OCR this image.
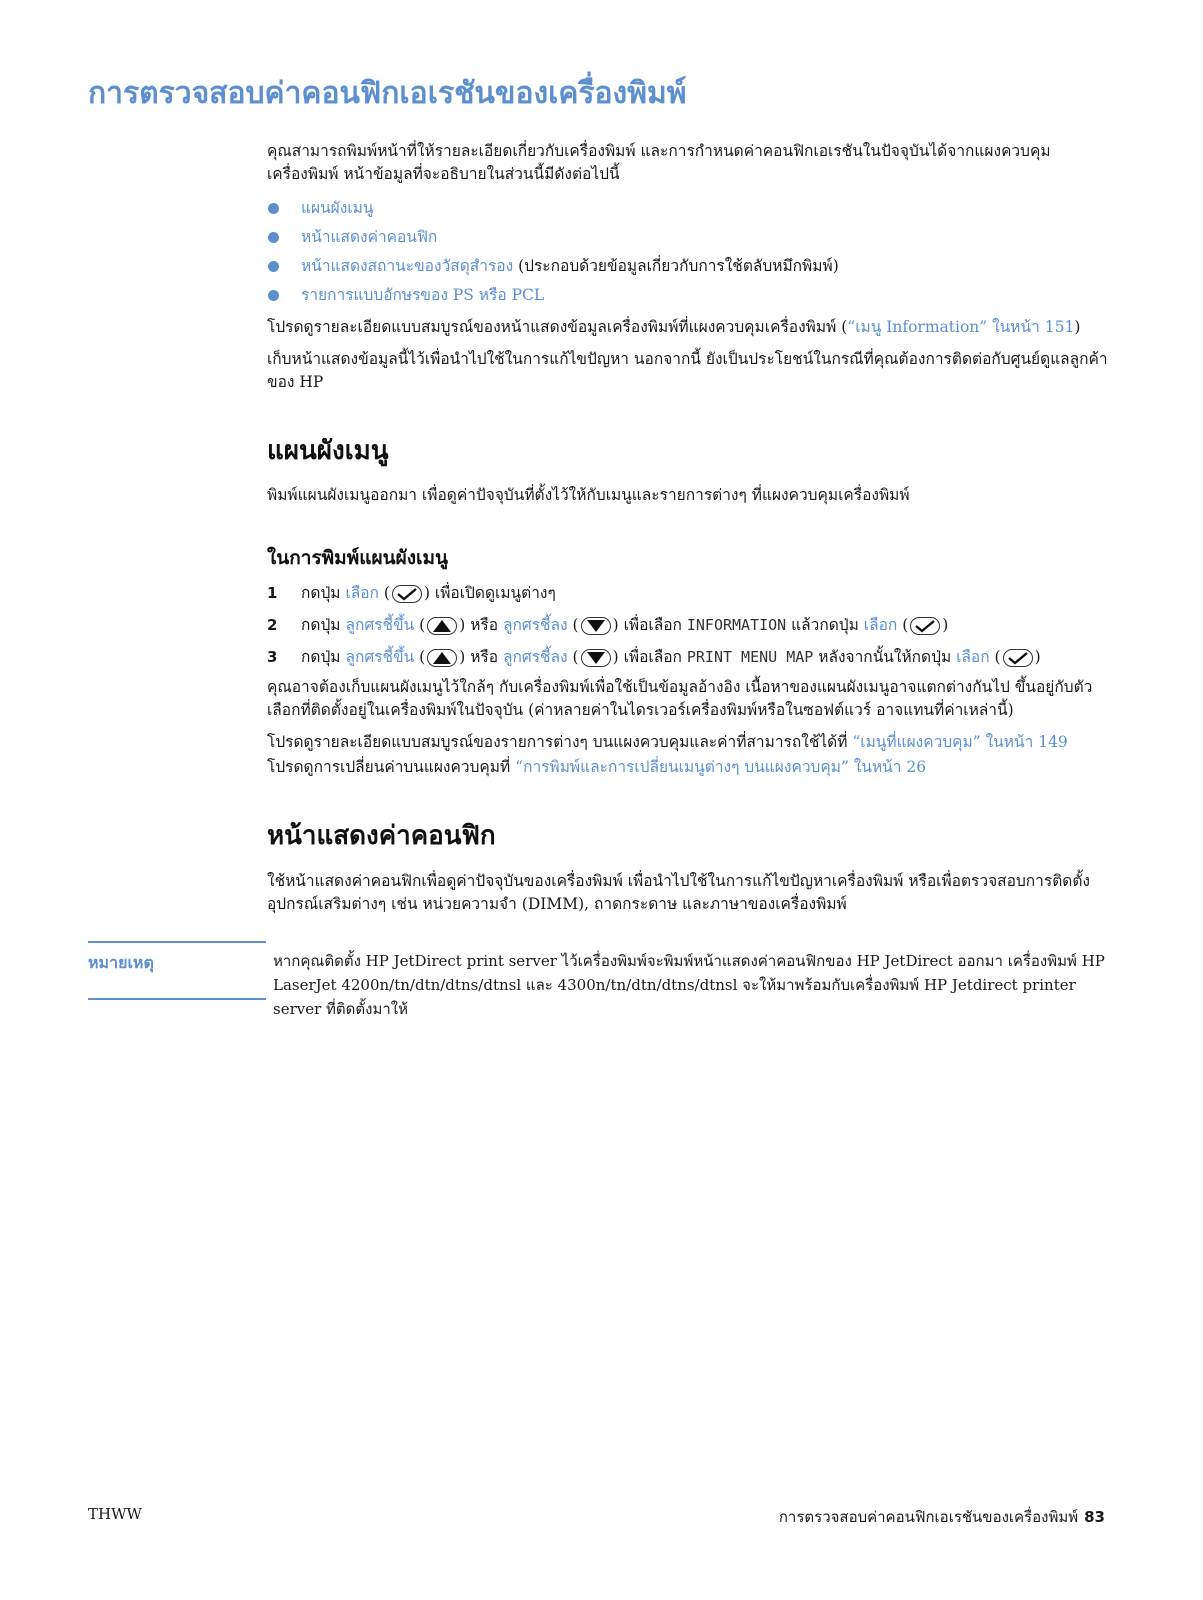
การตรวจสอบค่าคอนฟิกเอเรชันของเครื่องพิมพ์

คุณสามารถพิมพ์หน้าที่ให้รายละเอียดเกี่ยวกับเครื่องพิมพ์ และการกำหนดค่าคอนฟิกเอเรชันในปัจจุบันได้จากแผงควบคุมเครื่องพิมพ์ หน้าข้อมูลที่จะอธิบายในส่วนนี้มีดังต่อไปนี้

แผนผังเมนู
หน้าแสดงค่าคอนฟิก
หน้าแสดงสถานะของวัสดุสำรอง (ประกอบด้วยข้อมูลเกี่ยวกับการใช้ตลับหมึกพิมพ์)
รายการแบบอักษรของ PS หรือ PCL

โปรดดูรายละเอียดแบบสมบูรณ์ของหน้าแสดงข้อมูลเครื่องพิมพ์ที่แผงควบคุมเครื่องพิมพ์ (“เมนู Information” ในหน้า 151)

เก็บหน้าแสดงข้อมูลนี้ไว้เพื่อนำไปใช้ในการแก้ไขปัญหา นอกจากนี้ ยังเป็นประโยชน์ในกรณีที่คุณต้องการติดต่อกับศูนย์ดูแลลูกค้าของ HP

แผนผังเมนู

พิมพ์แผนผังเมนูออกมา เพื่อดูค่าปัจจุบันที่ตั้งไว้ให้กับเมนูและรายการต่างๆ ที่แผงควบคุมเครื่องพิมพ์

ในการพิมพ์แผนผังเมนู
1 กดปุ่ม เลือก ( ) เพื่อเปิดดูเมนูต่างๆ
2 กดปุ่ม ลูกศรชี้ขึ้น ( ) หรือ ลูกศรชี้ลง ( ) เพื่อเลือก INFORMATION แล้วกดปุ่ม เลือก ( )
3 กดปุ่ม ลูกศรชี้ขึ้น ( ) หรือ ลูกศรชี้ลง ( ) เพื่อเลือก PRINT MENU MAP หลังจากนั้นให้กดปุ่ม เลือก ( )

คุณอาจต้องเก็บแผนผังเมนูไว้ใกล้ๆ กับเครื่องพิมพ์เพื่อใช้เป็นข้อมูลอ้างอิง เนื้อหาของแผนผังเมนูอาจแตกต่างกันไป ขึ้นอยู่กับตัวเลือกที่ติดตั้งอยู่ในเครื่องพิมพ์ในปัจจุบัน (ค่าหลายค่าในไดรเวอร์เครื่องพิมพ์หรือในซอฟต์แวร์ อาจแทนที่ค่าเหล่านี้)

โปรดดูรายละเอียดแบบสมบูรณ์ของรายการต่างๆ บนแผงควบคุมและค่าที่สามารถใช้ได้ที่ “เมนูที่แผงควบคุม” ในหน้า 149

โปรดดูการเปลี่ยนค่าบนแผงควบคุมที่ “การพิมพ์และการเปลี่ยนเมนูต่างๆ บนแผงควบคุม” ในหน้า 26

หน้าแสดงค่าคอนฟิก

ใช้หน้าแสดงค่าคอนฟิกเพื่อดูค่าปัจจุบันของเครื่องพิมพ์ เพื่อนำไปใช้ในการแก้ไขปัญหาเครื่องพิมพ์ หรือเพื่อตรวจสอบการติดตั้งอุปกรณ์เสริมต่างๆ เช่น หน่วยความจำ (DIMM), ถาดกระดาษ และภาษาของเครื่องพิมพ์

หมายเหตุ	หากคุณติดตั้ง HP JetDirect print server ไว้เครื่องพิมพ์จะพิมพ์หน้าแสดงค่าคอนฟิกของ HP JetDirect ออกมา เครื่องพิมพ์ HP LaserJet 4200n/tn/dtn/dtns/dtnsl และ 4300n/tn/dtn/dtns/dtnsl จะให้มาพร้อมกับเครื่องพิมพ์ HP Jetdirect printer server ที่ติดตั้งมาให้

THWW	การตรวจสอบค่าคอนฟิกเอเรชันของเครื่องพิมพ์ 83
